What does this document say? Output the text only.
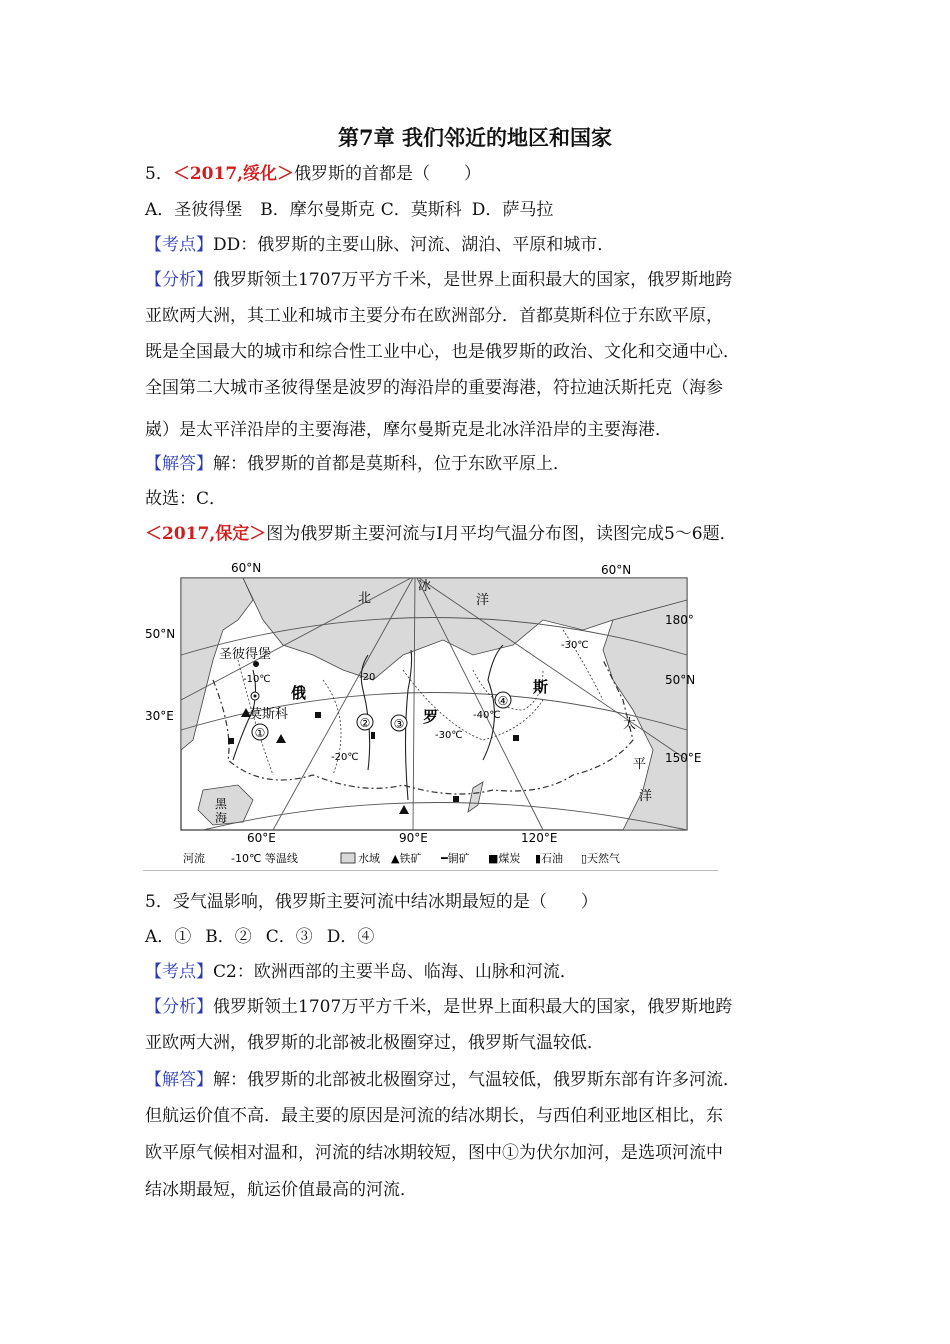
第7章 我们邻近的地区和国家
5．＜2017,绥化＞俄罗斯的首都是（　　）
A．圣彼得堡 B．摩尔曼斯克 C．莫斯科 D．萨马拉
【考点】DD：俄罗斯的主要山脉、河流、湖泊、平原和城市．
【分析】俄罗斯领土1707万平方千米，是世界上面积最大的国家，俄罗斯地跨
亚欧两大洲，其工业和城市主要分布在欧洲部分．首都莫斯科位于东欧平原，
既是全国最大的城市和综合性工业中心，也是俄罗斯的政治、文化和交通中心．
全国第二大城市圣彼得堡是波罗的海沿岸的重要海港，符拉迪沃斯托克（海参
崴）是太平洋沿岸的主要海港，摩尔曼斯克是北冰洋沿岸的主要海港．
【解答】解：俄罗斯的首都是莫斯科，位于东欧平原上．
故选：C．
＜2017,保定＞图为俄罗斯主要河流与Ⅰ月平均气温分布图，读图完成5～6题．
①
② ③
④
60°N	60°N
50°N
50°N
180°
30°E
150°E
60°E	90°E	120°E
圣彼得堡
莫斯科
北
冰
洋
太
平
洋
俄
罗
斯
黑
海
-10℃
-20℃
-30℃
-40℃
-30℃
-20
河流 -10℃ 等温线	水域 ▲铁矿 ━铜矿 ■煤炭 ▮石油 ▯天然气
5．受气温影响，俄罗斯主要河流中结冰期最短的是（　　）
A．① B．② C．③ D．④
【考点】C2：欧洲西部的主要半岛、临海、山脉和河流．
【分析】俄罗斯领土1707万平方千米，是世界上面积最大的国家，俄罗斯地跨
亚欧两大洲，俄罗斯的北部被北极圈穿过，俄罗斯气温较低．
【解答】解：俄罗斯的北部被北极圈穿过，气温较低，俄罗斯东部有许多河流．
但航运价值不高．最主要的原因是河流的结冰期长，与西伯利亚地区相比，东
欧平原气候相对温和，河流的结冰期较短，图中①为伏尔加河，是选项河流中
结冰期最短，航运价值最高的河流．
